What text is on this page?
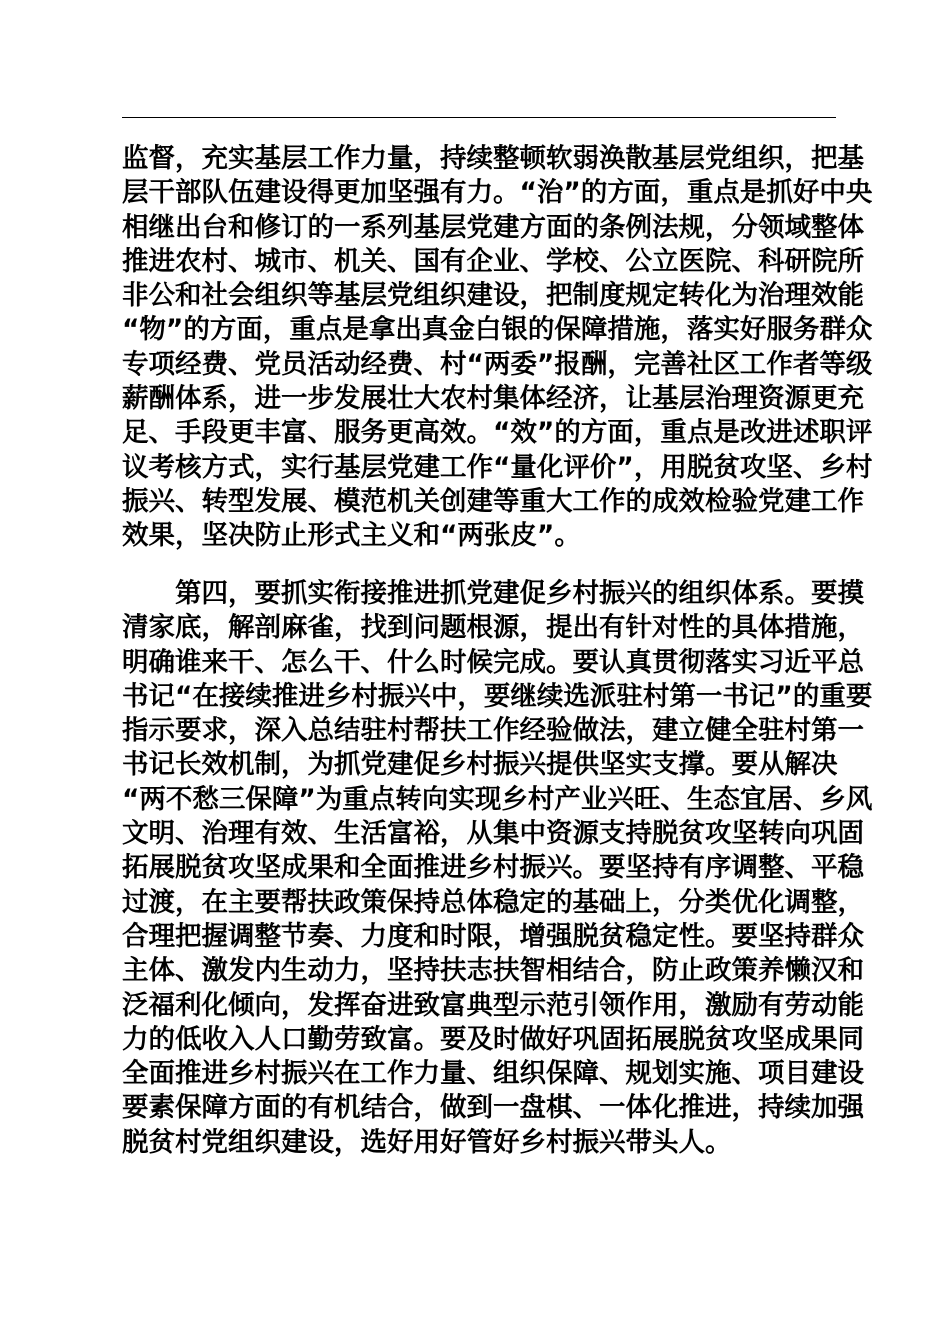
监督，充实基层工作力量，持续整顿软弱涣散基层党组织，把基
层干部队伍建设得更加坚强有力。“治”的方面，重点是抓好中央
相继出台和修订的一系列基层党建方面的条例法规，分领域整体
推进农村、城市、机关、国有企业、学校、公立医院、科研院所
非公和社会组织等基层党组织建设，把制度规定转化为治理效能
“物”的方面，重点是拿出真金白银的保障措施，落实好服务群众
专项经费、党员活动经费、村“两委”报酬，完善社区工作者等级
薪酬体系，进一步发展壮大农村集体经济，让基层治理资源更充
足、手段更丰富、服务更高效。“效”的方面，重点是改进述职评
议考核方式，实行基层党建工作“量化评价”，用脱贫攻坚、乡村
振兴、转型发展、模范机关创建等重大工作的成效检验党建工作
效果，坚决防止形式主义和“两张皮”。
　　第四，要抓实衔接推进抓党建促乡村振兴的组织体系。要摸
清家底，解剖麻雀，找到问题根源，提出有针对性的具体措施，
明确谁来干、怎么干、什么时候完成。要认真贯彻落实习近平总
书记“在接续推进乡村振兴中，要继续选派驻村第一书记”的重要
指示要求，深入总结驻村帮扶工作经验做法，建立健全驻村第一
书记长效机制，为抓党建促乡村振兴提供坚实支撑。要从解决
“两不愁三保障”为重点转向实现乡村产业兴旺、生态宜居、乡风
文明、治理有效、生活富裕，从集中资源支持脱贫攻坚转向巩固
拓展脱贫攻坚成果和全面推进乡村振兴。要坚持有序调整、平稳
过渡，在主要帮扶政策保持总体稳定的基础上，分类优化调整，
合理把握调整节奏、力度和时限，增强脱贫稳定性。要坚持群众
主体、激发内生动力，坚持扶志扶智相结合，防止政策养懒汉和
泛福利化倾向，发挥奋进致富典型示范引领作用，激励有劳动能
力的低收入人口勤劳致富。要及时做好巩固拓展脱贫攻坚成果同
全面推进乡村振兴在工作力量、组织保障、规划实施、项目建设
要素保障方面的有机结合，做到一盘棋、一体化推进，持续加强
脱贫村党组织建设，选好用好管好乡村振兴带头人。
